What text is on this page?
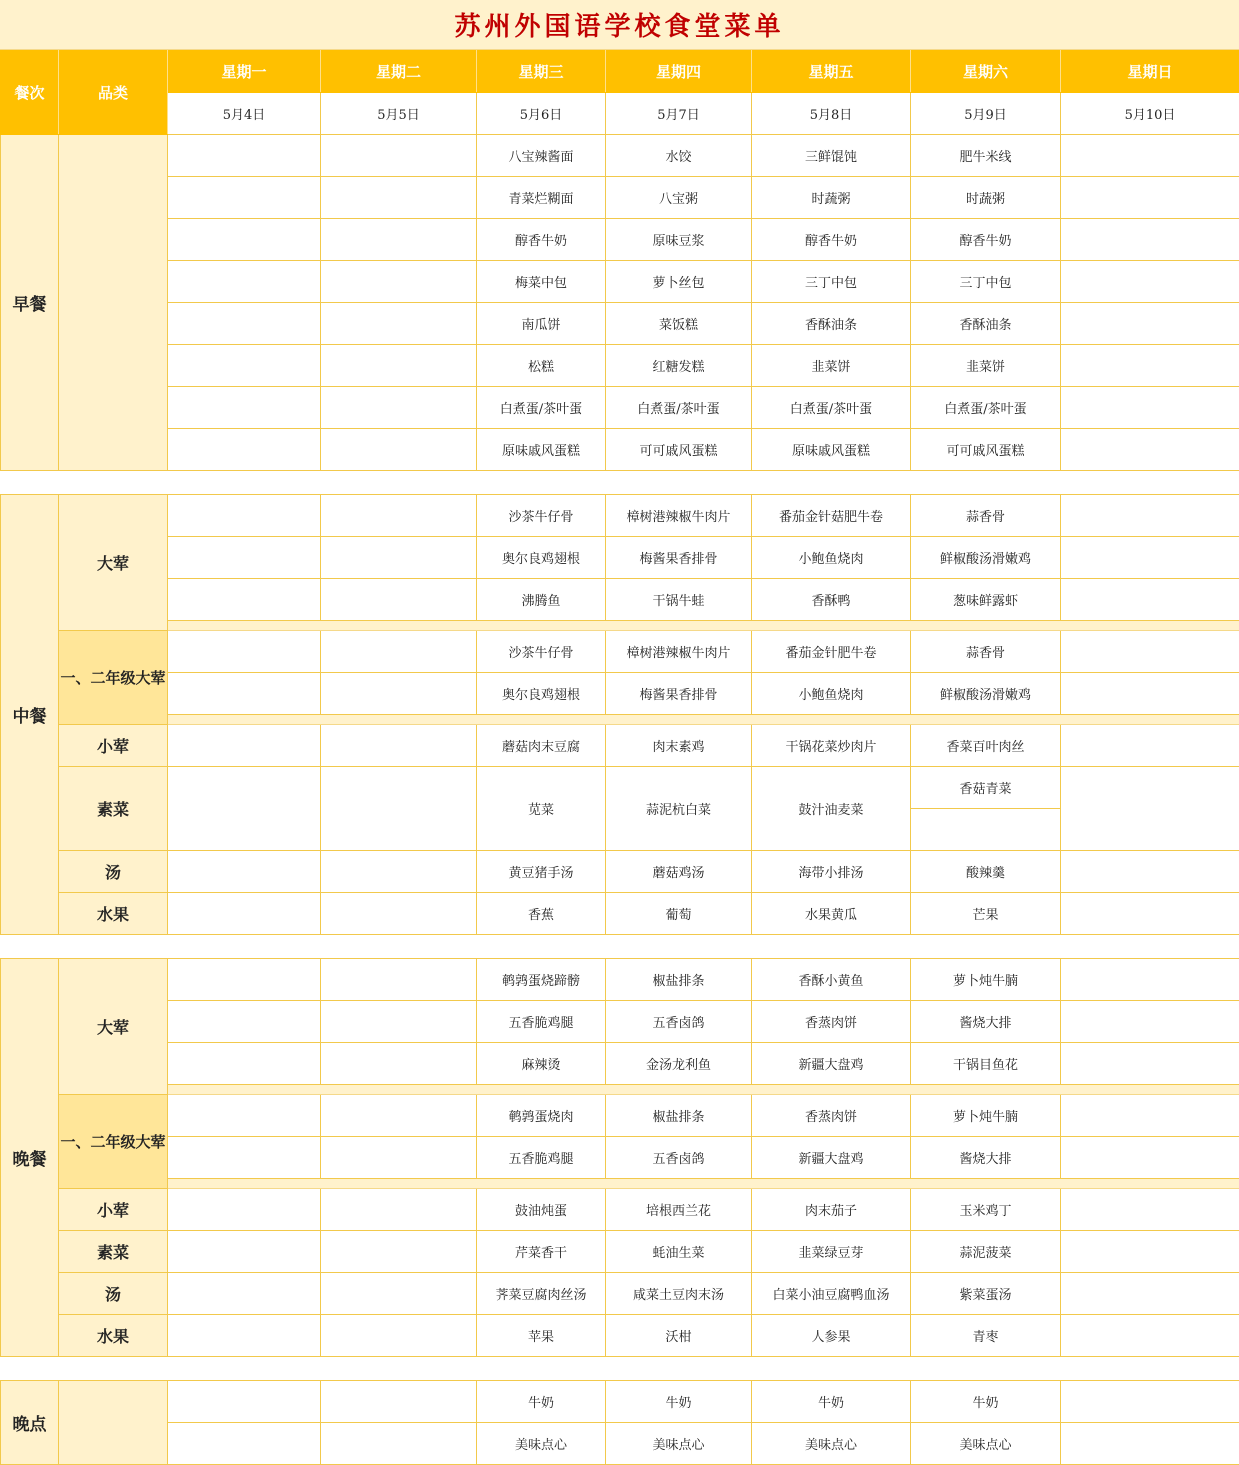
苏州外国语学校食堂菜单
餐次	品类	星期一	星期二	星期三	星期四	星期五	星期六	星期日
		5月4日	5月5日	5月6日	5月7日	5月8日	5月9日	5月10日
早餐				八宝辣酱面	水饺	三鲜馄饨	肥牛米线	
				青菜烂糊面	八宝粥	时蔬粥	时蔬粥	
				醇香牛奶	原味豆浆	醇香牛奶	醇香牛奶	
				梅菜中包	萝卜丝包	三丁中包	三丁中包	
				南瓜饼	菜饭糕	香酥油条	香酥油条	
				松糕	红糖发糕	韭菜饼	韭菜饼	
				白煮蛋/茶叶蛋	白煮蛋/茶叶蛋	白煮蛋/茶叶蛋	白煮蛋/茶叶蛋	
				原味戚风蛋糕	可可戚风蛋糕	原味戚风蛋糕	可可戚风蛋糕	

中餐	大荤			沙茶牛仔骨	樟树港辣椒牛肉片	番茄金针菇肥牛卷	蒜香骨	
				奥尔良鸡翅根	梅酱果香排骨	小鲍鱼烧肉	鲜椒酸汤滑嫩鸡	
				沸腾鱼	干锅牛蛙	香酥鸭	葱味鲜露虾	

	一、二年级大荤			沙茶牛仔骨	樟树港辣椒牛肉片	番茄金针肥牛卷	蒜香骨	
				奥尔良鸡翅根	梅酱果香排骨	小鲍鱼烧肉	鲜椒酸汤滑嫩鸡	

	小荤			蘑菇肉末豆腐	肉末素鸡	干锅花菜炒肉片	香菜百叶肉丝	
	素菜			苋菜	蒜泥杭白菜	鼓汁油麦菜	香菇青菜	

	汤			黄豆猪手汤	蘑菇鸡汤	海带小排汤	酸辣羹	
	水果			香蕉	葡萄	水果黄瓜	芒果	

晚餐	大荤			鹌鹑蛋烧蹄髈	椒盐排条	香酥小黄鱼	萝卜炖牛腩	
				五香脆鸡腿	五香卤鸽	香蒸肉饼	酱烧大排	
				麻辣烫	金汤龙利鱼	新疆大盘鸡	干锅目鱼花	

	一、二年级大荤			鹌鹑蛋烧肉	椒盐排条	香蒸肉饼	萝卜炖牛腩	
				五香脆鸡腿	五香卤鸽	新疆大盘鸡	酱烧大排	

	小荤			鼓油炖蛋	培根西兰花	肉末茄子	玉米鸡丁	
	素菜			芹菜香干	蚝油生菜	韭菜绿豆芽	蒜泥菠菜	
	汤			荠菜豆腐肉丝汤	咸菜土豆肉末汤	白菜小油豆腐鸭血汤	紫菜蛋汤	
	水果			苹果	沃柑	人参果	青枣	

晚点				牛奶	牛奶	牛奶	牛奶	
				美味点心	美味点心	美味点心	美味点心	
